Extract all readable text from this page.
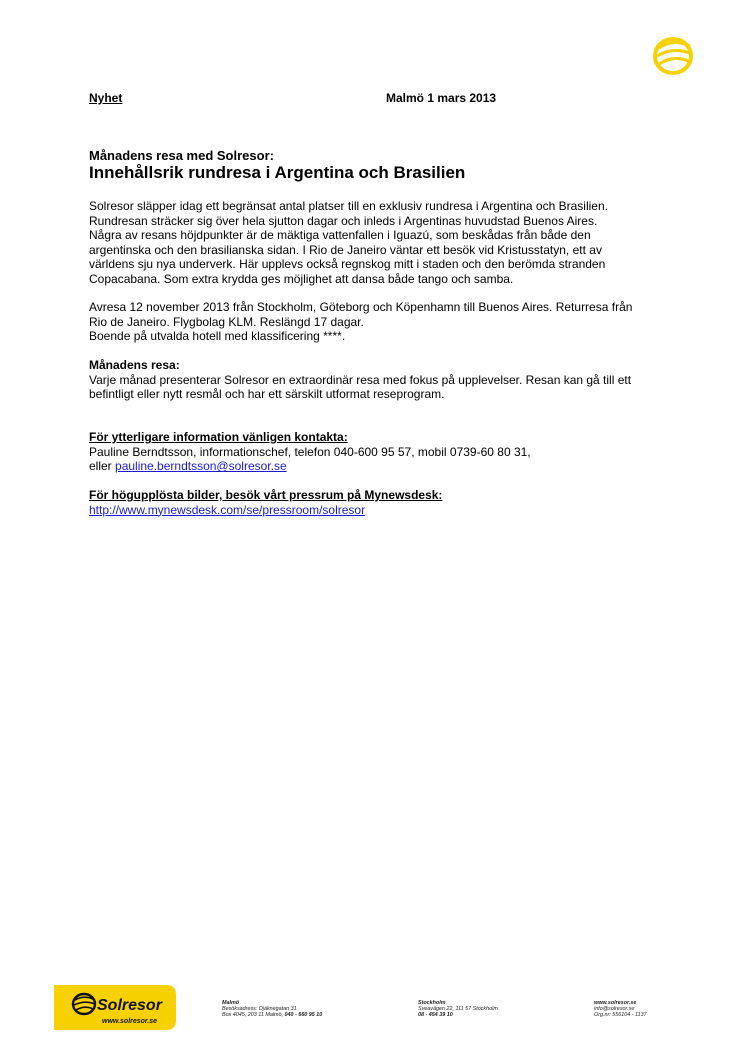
Nyhet	Malmö 1 mars 2013
Månadens resa med Solresor:
Innehållsrik rundresa i Argentina och Brasilien
Solresor släpper idag ett begränsat antal platser till en exklusiv rundresa i Argentina och Brasilien.
Rundresan sträcker sig över hela sjutton dagar och inleds i Argentinas huvudstad Buenos Aires.
Några av resans höjdpunkter är de mäktiga vattenfallen i Iguazú, som beskådas från både den
argentinska och den brasilianska sidan. I Rio de Janeiro väntar ett besök vid Kristusstatyn, ett av
världens sju nya underverk. Här upplevs också regnskog mitt i staden och den berömda stranden
Copacabana. Som extra krydda ges möjlighet att dansa både tango och samba.
Avresa 12 november 2013 från Stockholm, Göteborg och Köpenhamn till Buenos Aires. Returresa från
Rio de Janeiro. Flygbolag KLM. Reslängd 17 dagar.
Boende på utvalda hotell med klassificering ****.
Månadens resa:
Varje månad presenterar Solresor en extraordinär resa med fokus på upplevelser. Resan kan gå till ett
befintligt eller nytt resmål och har ett särskilt utformat reseprogram.
För ytterligare information vänligen kontakta:
Pauline Berndtsson, informationschef, telefon 040-600 95 57, mobil 0739-60 80 31,
eller pauline.berndtsson@solresor.se
För högupplösta bilder, besök vårt pressrum på Mynewsdesk:
http://www.mynewsdesk.com/se/pressroom/solresor
Solresor
www.solresor.se
Malmö
Besöksadress: Djäknegatan 31
Box 4045, 203 11 Malmö, 040 - 660 95 10
Stockholm
Sveavägen 22, 111 57 Stockholm
08 - 454 39 10
www.solresor.se
info@solresor.se
Org.nr: 556104 - 1137
